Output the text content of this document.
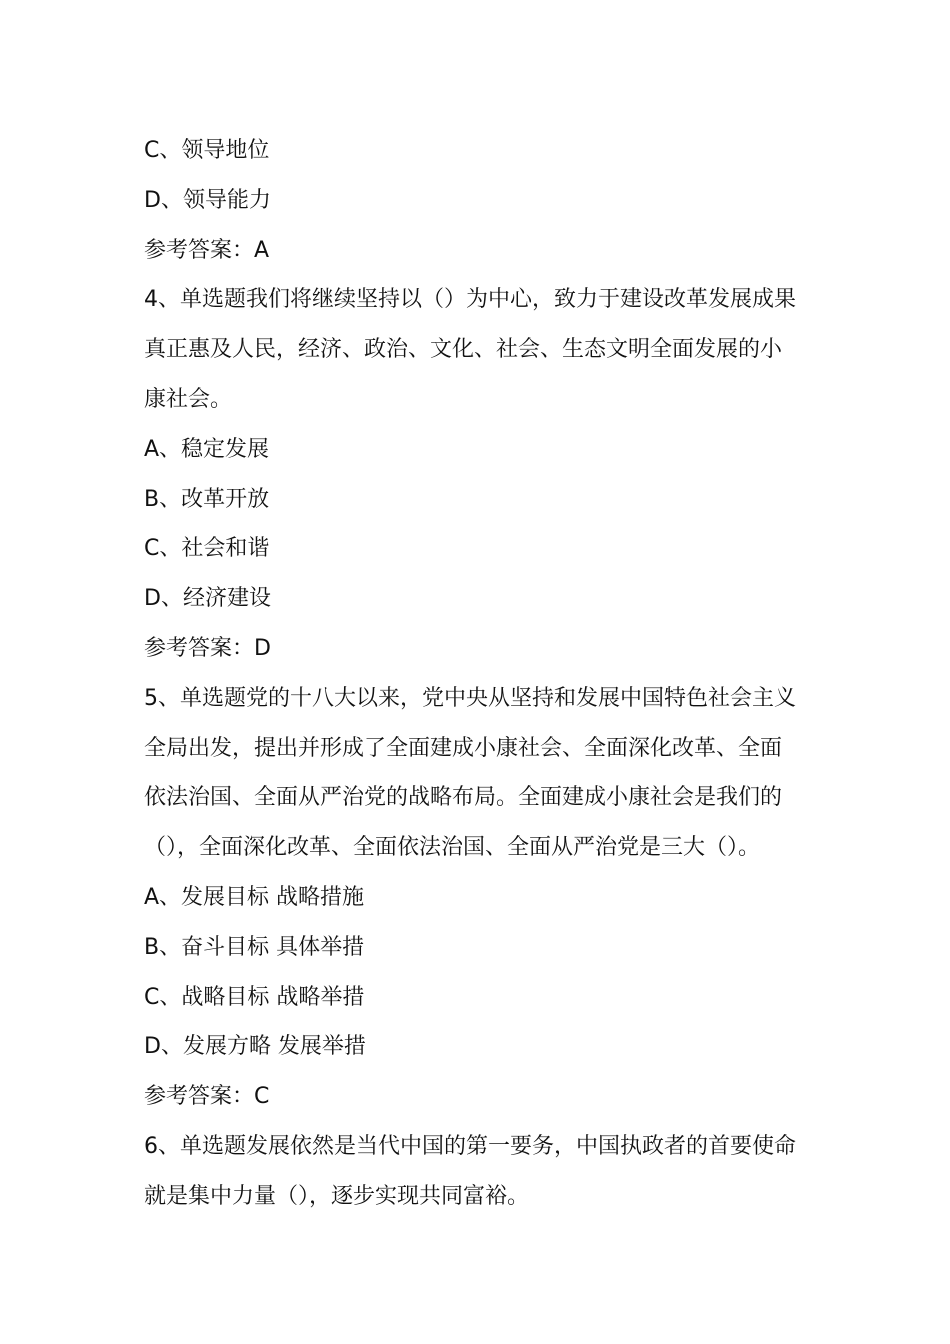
C、领导地位
D、领导能力
参考答案：A
4、单选题我们将继续坚持以（）为中心，致力于建设改革发展成果
真正惠及人民，经济、政治、文化、社会、生态文明全面发展的小
康社会。
A、稳定发展
B、改革开放
C、社会和谐
D、经济建设
参考答案：D
5、单选题党的十八大以来，党中央从坚持和发展中国特色社会主义
全局出发，提出并形成了全面建成小康社会、全面深化改革、全面
依法治国、全面从严治党的战略布局。全面建成小康社会是我们的
（），全面深化改革、全面依法治国、全面从严治党是三大（）。
A、发展目标 战略措施
B、奋斗目标 具体举措
C、战略目标 战略举措
D、发展方略 发展举措
参考答案：C
6、单选题发展依然是当代中国的第一要务，中国执政者的首要使命
就是集中力量（），逐步实现共同富裕。
